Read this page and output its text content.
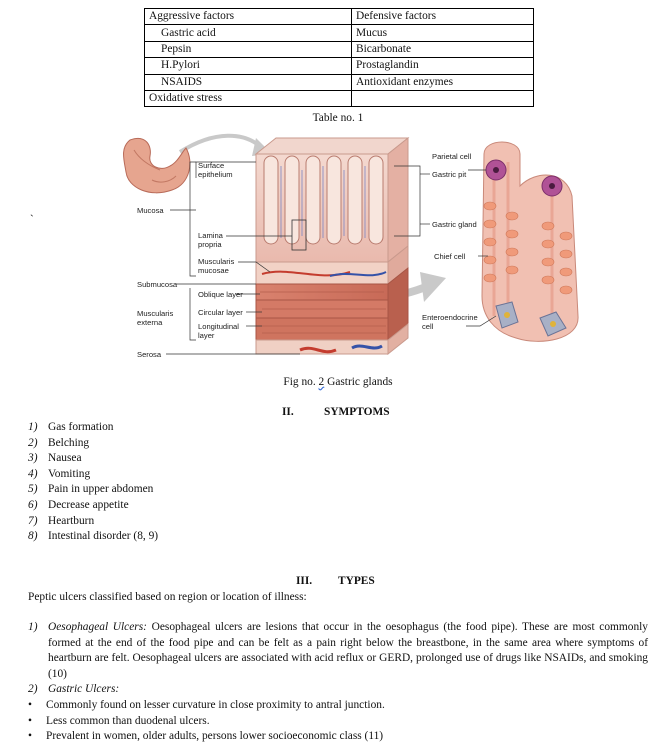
Aggressive factors	Defensive factors
Gastric acid	Mucus
Pepsin	Bicarbonate
H.Pylori	Prostaglandin
NSAIDS	Antioxidant enzymes
Oxidative stress	
Table no. 1
`
Surface
epithelium
Mucosa
Lamina
propria
Muscularis
mucosae
Submucosa
Oblique layer
Circular layer
Longitudinal
layer
Muscularis
externa
Serosa
Parietal cell
Gastric pit
Gastric gland
Chief cell
Enteroendocrine
cell
Fig no. 2 Gastric glands
II.	SYMPTOMS
1) Gas formation
2) Belching
3) Nausea
4) Vomiting
5) Pain in upper abdomen
6) Decrease appetite
7) Heartburn
8) Intestinal disorder (8, 9)
III. TYPES
Peptic ulcers classified based on region or location of illness:
1) Oesophageal Ulcers: Oesophageal ulcers are lesions that occur in the oesophagus (the food pipe). These are most commonly formed at the end of the food pipe and can be felt as a pain right below the breastbone, in the same area where symptoms of heartburn are felt. Oesophageal ulcers are associated with acid reflux or GERD, prolonged use of drugs like NSAIDs, and smoking (10)
2) Gastric Ulcers:
• Commonly found on lesser curvature in close proximity to antral junction.
• Less common than duodenal ulcers.
• Prevalent in women, older adults, persons lower socioeconomic class (11)
